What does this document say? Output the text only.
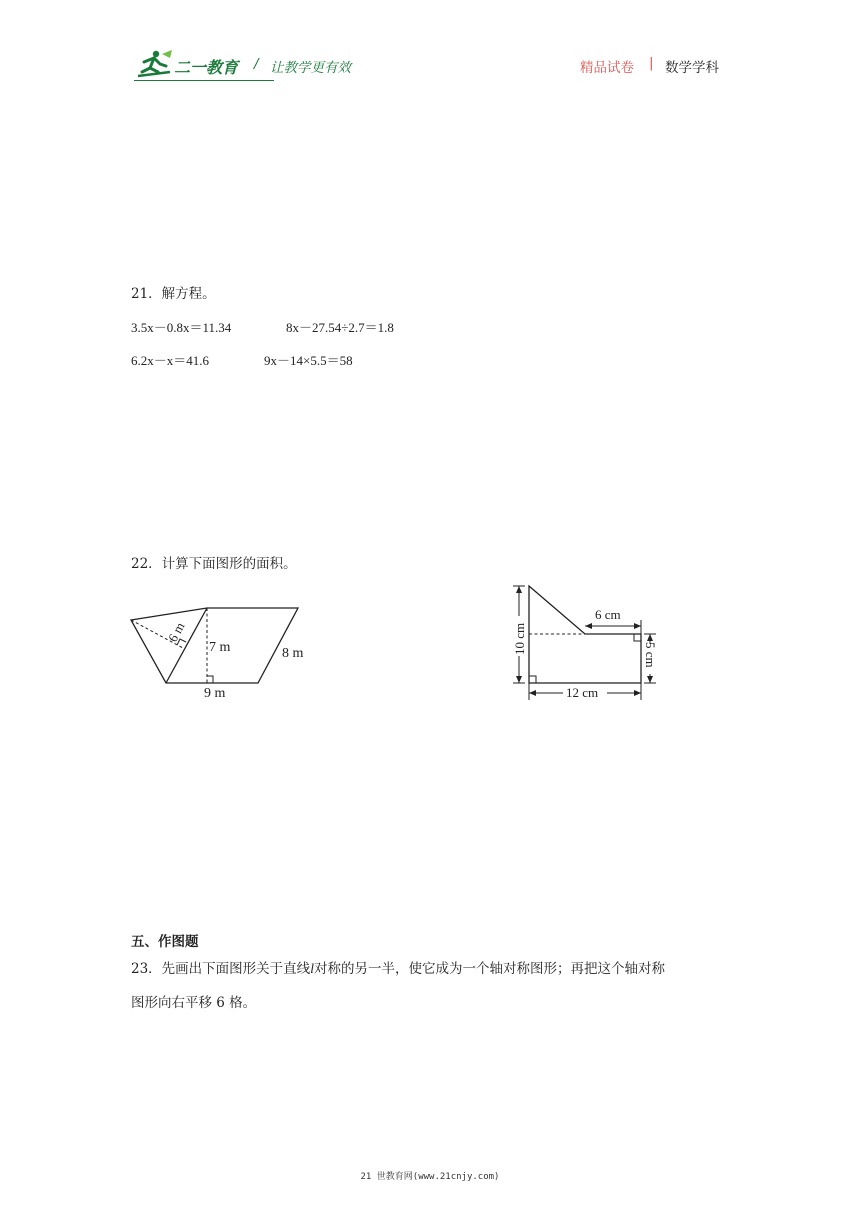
二一教育 / 让教学更有效	精品试卷 | 数学学科
21．解方程。
3.5x－0.8x＝11.34	8x－27.54÷2.7＝1.8
6.2x－x＝41.6	9x－14×5.5＝58
22．计算下面图形的面积。
6 m
7 m	8 m
9 m
10 cm
6 cm
5 cm
12 cm
五、作图题
23．先画出下面图形关于直线l对称的另一半，使它成为一个轴对称图形；再把这个轴对称
图形向右平移 6 格。
21 世教育网(www.21cnjy.com)
